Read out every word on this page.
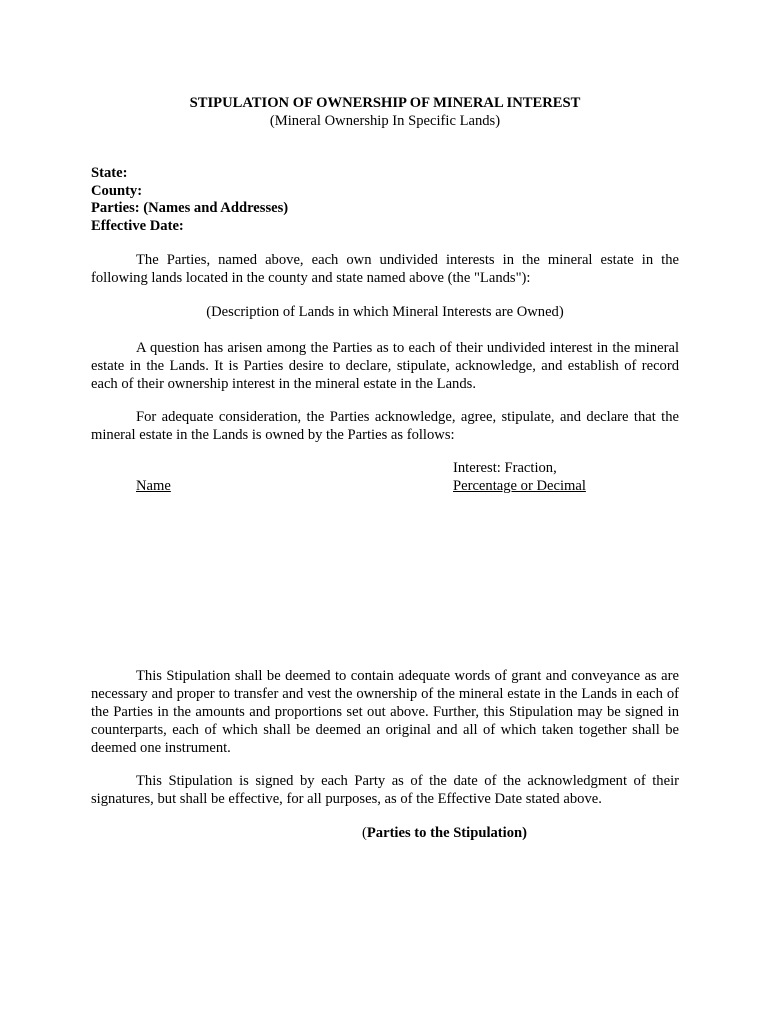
STIPULATION OF OWNERSHIP OF MINERAL INTEREST

(Mineral Ownership In Specific Lands)

State:
County:
Parties: (Names and Addresses)
Effective Date:

The Parties, named above, each own undivided interests in the mineral estate in the following lands located in the county and state named above (the "Lands"):

(Description of Lands in which Mineral Interests are Owned)

A question has arisen among the Parties as to each of their undivided interest in the mineral estate in the Lands. It is Parties desire to declare, stipulate, acknowledge, and establish of record each of their ownership interest in the mineral estate in the Lands.

For adequate consideration, the Parties acknowledge, agree, stipulate, and declare that the mineral estate in the Lands is owned by the Parties as follows:

Name
Interest: Fraction,
Percentage or Decimal

This Stipulation shall be deemed to contain adequate words of grant and conveyance as are necessary and proper to transfer and vest the ownership of the mineral estate in the Lands in each of the Parties in the amounts and proportions set out above. Further, this Stipulation may be signed in counterparts, each of which shall be deemed an original and all of which taken together shall be deemed one instrument.

This Stipulation is signed by each Party as of the date of the acknowledgment of their signatures, but shall be effective, for all purposes, as of the Effective Date stated above.

(Parties to the Stipulation)
